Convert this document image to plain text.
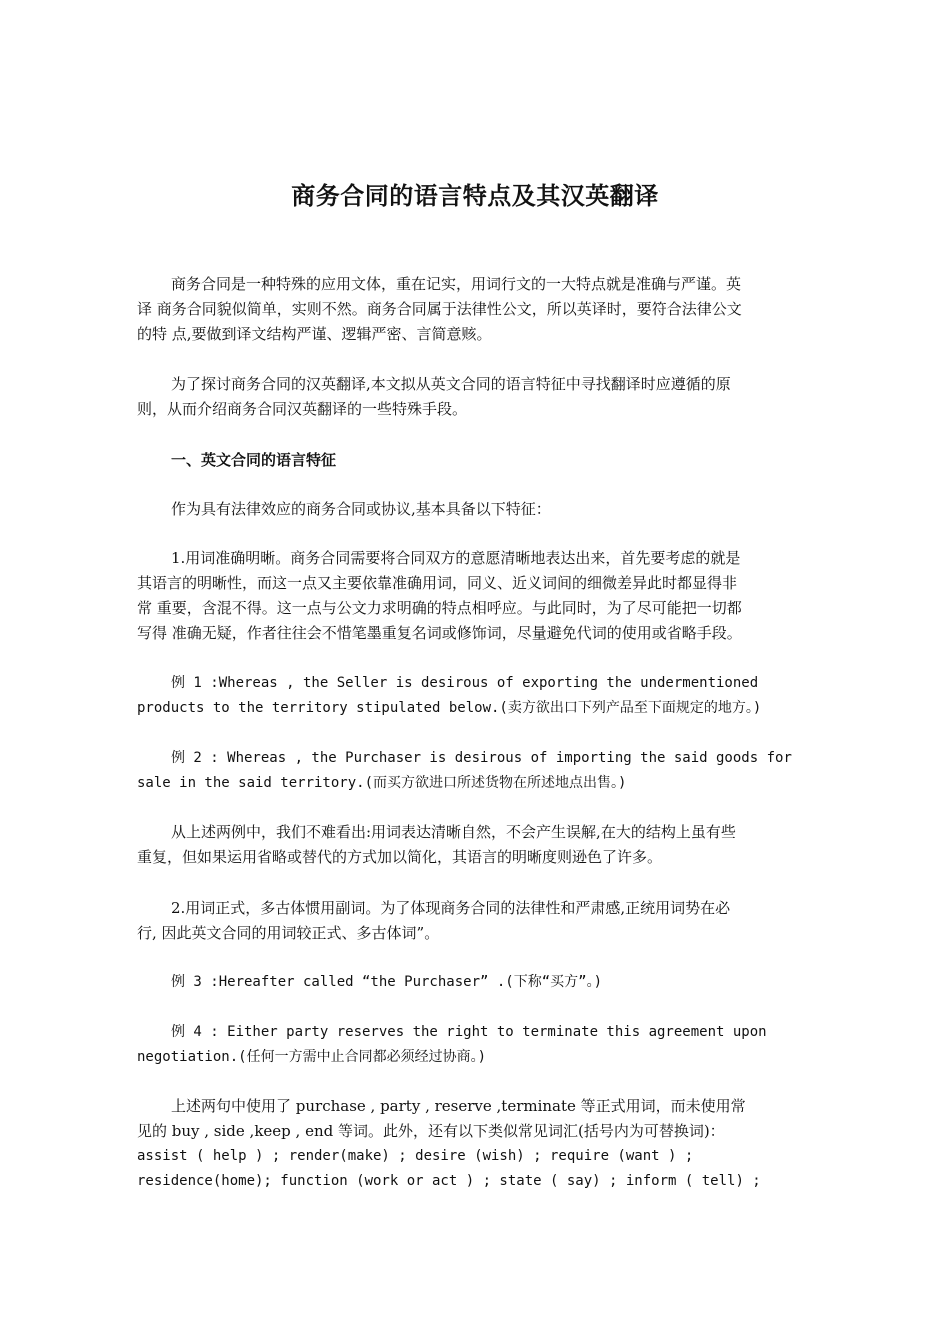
商务合同的语言特点及其汉英翻译
商务合同是一种特殊的应用文体，重在记实，用词行文的一大特点就是准确与严谨。英
译 商务合同貌似简单，实则不然。商务合同属于法律性公文，所以英译时，要符合法律公文
的特 点,要做到译文结构严谨、逻辑严密、言简意赅。
为了探讨商务合同的汉英翻译,本文拟从英文合同的语言特征中寻找翻译时应遵循的原
则，从而介绍商务合同汉英翻译的一些特殊手段。
一、英文合同的语言特征
作为具有法律效应的商务合同或协议,基本具备以下特征：
1.用词准确明晰。商务合同需要将合同双方的意愿清晰地表达出来，首先要考虑的就是
其语言的明晰性，而这一点又主要依靠准确用词，同义、近义词间的细微差异此时都显得非
常 重要，含混不得。这一点与公文力求明确的特点相呼应。与此同时，为了尽可能把一切都
写得 准确无疑，作者往往会不惜笔墨重复名词或修饰词，尽量避免代词的使用或省略手段。
例 1 :Whereas , the Seller is desirous of exporting the undermentioned
products to the territory stipulated below.(卖方欲出口下列产品至下面规定的地方。)
例 2 : Whereas , the Purchaser is desirous of importing the said goods for
sale in the said territory.(而买方欲进口所述货物在所述地点出售。)
从上述两例中，我们不难看出:用词表达清晰自然，不会产生误解,在大的结构上虽有些
重复，但如果运用省略或替代的方式加以简化，其语言的明晰度则逊色了许多。
2.用词正式，多古体惯用副词。为了体现商务合同的法律性和严肃感,正统用词势在必
行, 因此英文合同的用词较正式、多古体词”。
例 3 :Hereafter called “the Purchaser” .(下称“买方”。)
例 4 : Either party reserves the right to terminate this agreement upon
negotiation.(任何一方需中止合同都必须经过协商。)
上述两句中使用了 purchase , party , reserve ,terminate 等正式用词，而未使用常
见的 buy , side ,keep , end 等词。此外，还有以下类似常见词汇(括号内为可替换词)：
assist ( help ) ; render(make) ; desire (wish) ; require (want ) ;
residence(home); function (work or act ) ; state ( say) ; inform ( tell) ;
